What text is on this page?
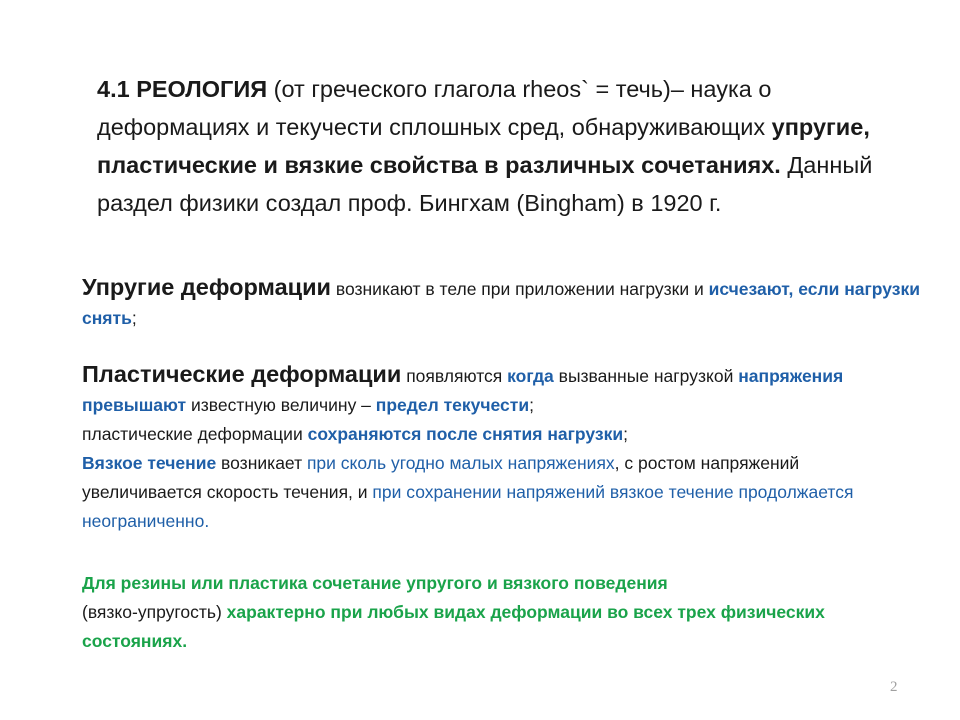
4.1 РЕОЛОГИЯ (от греческого глагола rheos` = течь)– наука о деформациях и текучести сплошных сред, обнаруживающих упругие, пластические и вязкие свойства в различных сочетаниях. Данный раздел физики создал проф. Бингхам (Bingham) в 1920 г.

Упругие деформации возникают в теле при приложении нагрузки и исчезают, если нагрузки снять;

Пластические деформации появляются когда вызванные нагрузкой напряжения превышают известную величину – предел текучести;
пластические деформации сохраняются после снятия нагрузки;
Вязкое течение возникает при сколь угодно малых напряжениях, с ростом напряжений увеличивается скорость течения, и при сохранении напряжений вязкое течение продолжается неограниченно.

Для резины или пластика сочетание упругого и вязкого поведения
(вязко-упругость) характерно при любых видах деформации во всех трех физических состояниях.

2
